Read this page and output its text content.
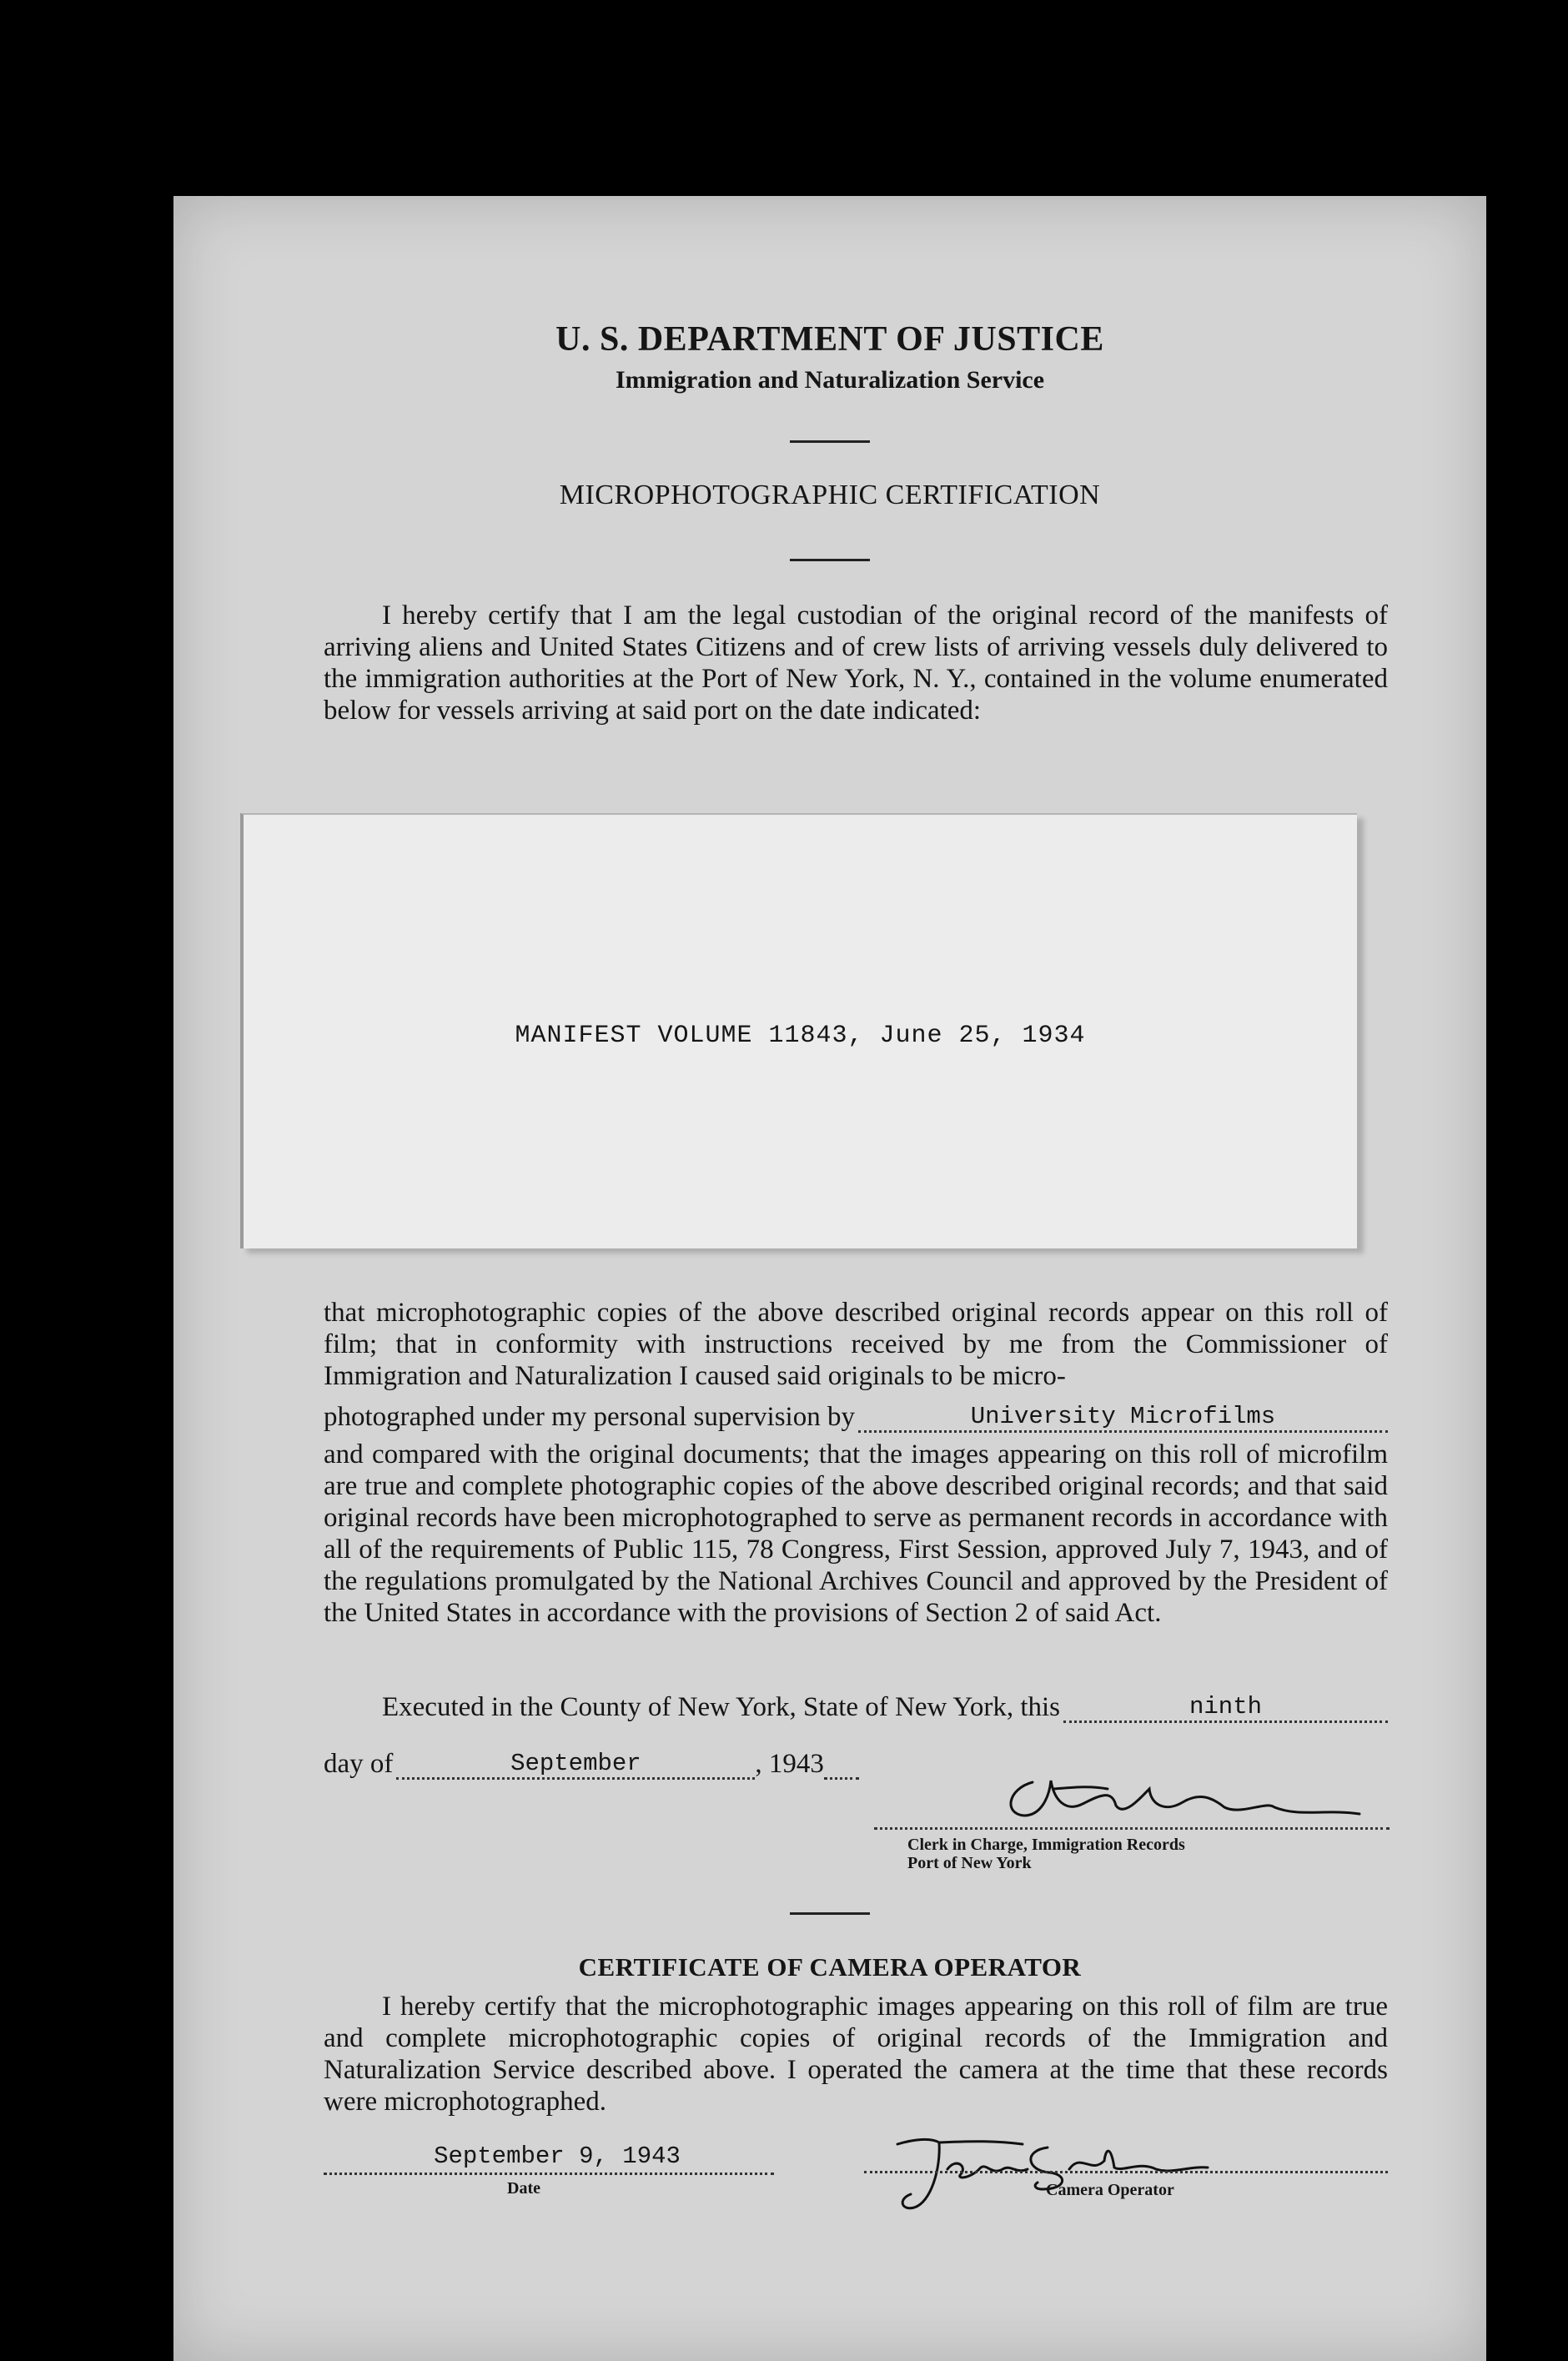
U. S. DEPARTMENT OF JUSTICE
Immigration and Naturalization Service
MICROPHOTOGRAPHIC CERTIFICATION
I hereby certify that I am the legal custodian of the original record of the manifests of arriving aliens and United States Citizens and of crew lists of arriving vessels duly delivered to the immigration authorities at the Port of New York, N. Y., contained in the volume enumerated below for vessels arriving at said port on the date indicated:
MANIFEST VOLUME 11843, June 25, 1934
that microphotographic copies of the above described original records appear on this roll of film; that in conformity with instructions received by me from the Commissioner of Immigration and Naturalization I caused said originals to be micro-
photographed under my personal supervision by	University Microfilms
and compared with the original documents; that the images appearing on this roll of microfilm are true and complete photographic copies of the above described original records; and that said original records have been microphotographed to serve as permanent records in accordance with all of the requirements of Public 115, 78 Congress, First Session, approved July 7, 1943, and of the regulations promulgated by the National Archives Council and approved by the President of the United States in accordance with the provisions of Section 2 of said Act.
Executed in the County of New York, State of New York, this	ninth
day of	September	, 1943
Clerk in Charge, Immigration Records
Port of New York
CERTIFICATE OF CAMERA OPERATOR
I hereby certify that the microphotographic images appearing on this roll of film are true and complete microphotographic copies of original records of the Immigration and Naturalization Service described above. I operated the camera at the time that these records were microphotographed.
September 9, 1943
Date	Camera Operator
